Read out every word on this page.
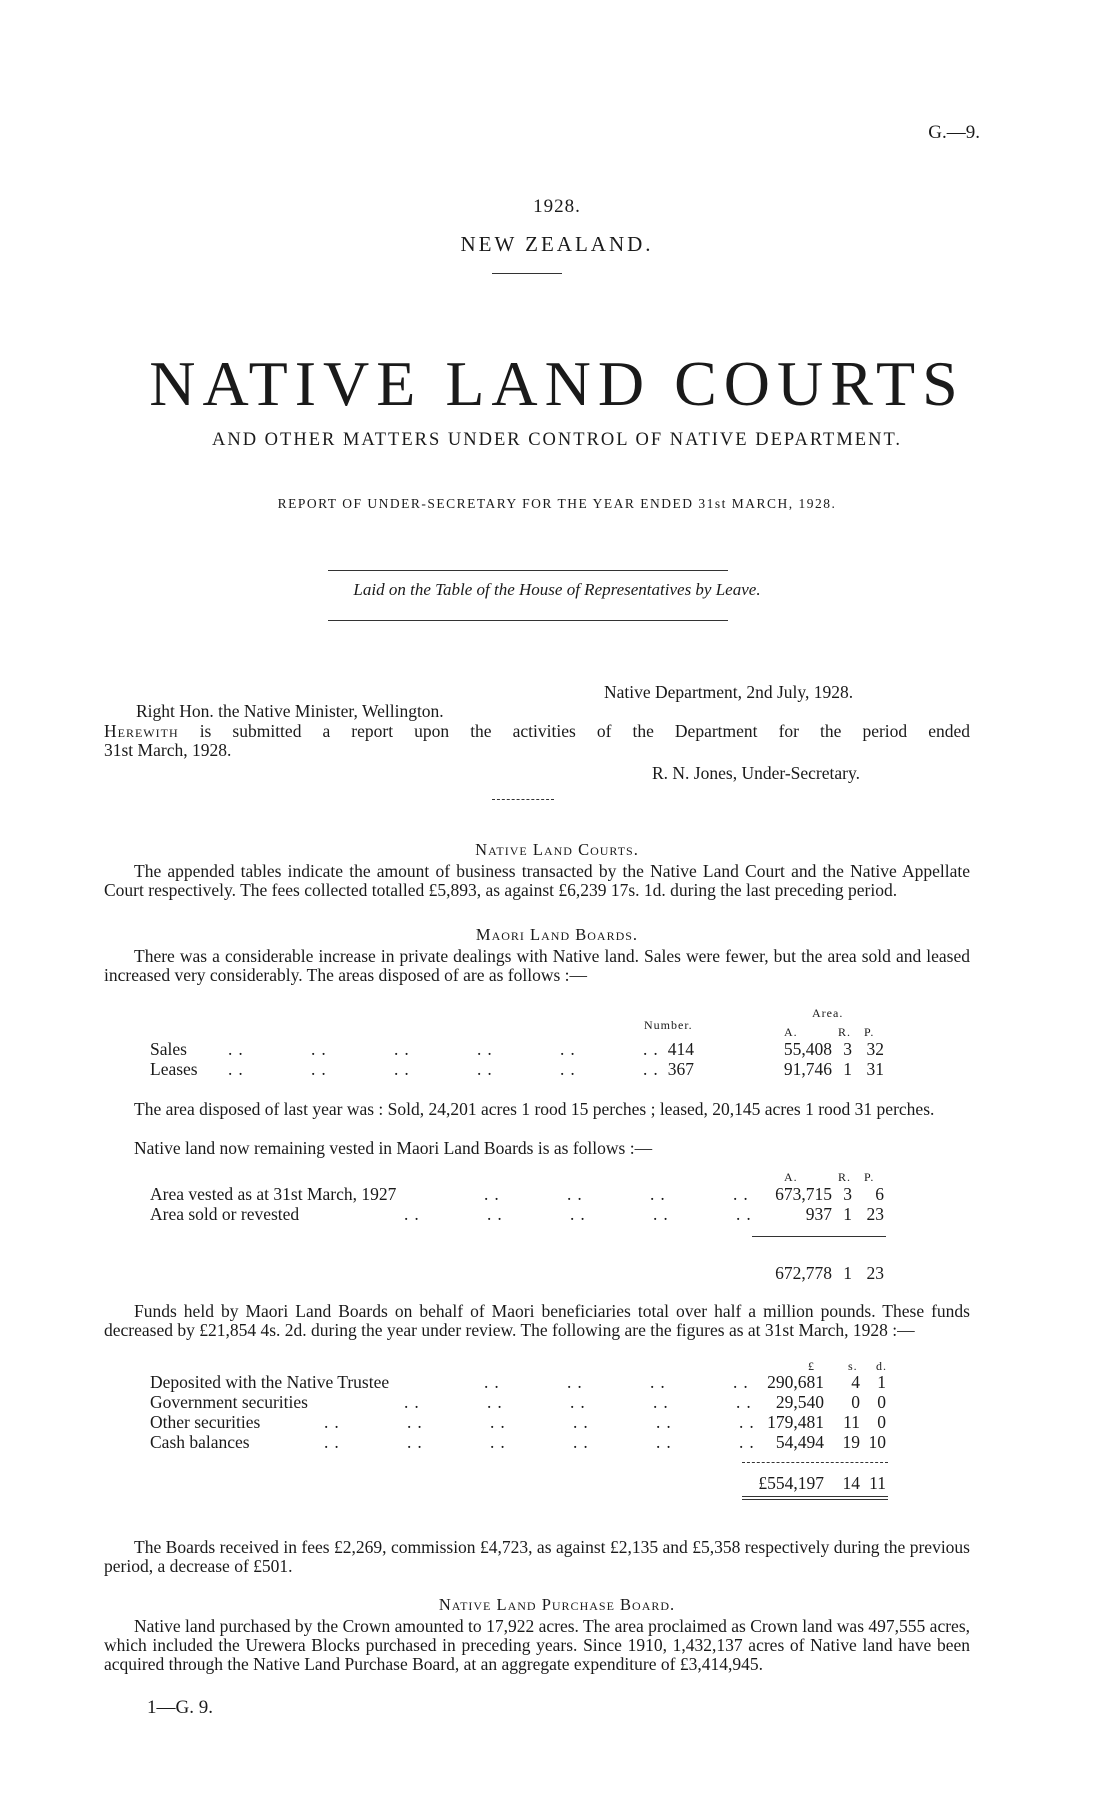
G.—9.
1928.
NEW ZEALAND.
NATIVE LAND COURTS
AND OTHER MATTERS UNDER CONTROL OF NATIVE DEPARTMENT.
REPORT OF UNDER-SECRETARY FOR THE YEAR ENDED 31st MARCH, 1928.
Laid on the Table of the House of Representatives by Leave.
Native Department, 2nd July, 1928.
Right Hon. the Native Minister, Wellington.
Herewith is submitted a report upon the activities of the Department for the period ended
31st March, 1928.
R. N. Jones, Under-Secretary.
Native Land Courts.
The appended tables indicate the amount of business transacted by the Native Land Court and the Native Appellate Court respectively. The fees collected totalled £5,893, as against £6,239 17s. 1d. during the last preceding period.
Maori Land Boards.
There was a considerable increase in private dealings with Native land. Sales were fewer, but the area sold and leased increased very considerably. The areas disposed of are as follows :—
Area.
Number.	A.	R. P.
Sales ..      ..      ..      ..      ..      .. 414	55,408 3 32
Leases ..      ..      ..      ..      ..      .. 367	91,746 1 31
The area disposed of last year was : Sold, 24,201 acres 1 rood 15 perches ; leased, 20,145 acres 1 rood 31 perches.
Native land now remaining vested in Maori Land Boards is as follows :—
A.	R. P.
Area vested as at 31st March, 1927	..      ..      ..      ..	673,715 3	6
Area sold or revested	..      ..      ..      ..      ..	937 1 23
672,778 1 23
Funds held by Maori Land Boards on behalf of Maori beneficiaries total over half a million pounds. These funds decreased by £21,854 4s. 2d. during the year under review. The following are the figures as at 31st March, 1928 :—
£	s. d.
Deposited with the Native Trustee	..      ..      ..      .. 290,681	4 1
Government securities	..      ..      ..      ..      ..	29,540	0 0
Other securities	..      ..      ..      ..      ..      .. 179,481	11 0
Cash balances	..      ..      ..      ..      ..      .. 54,494	19 10
£554,197	14 11
The Boards received in fees £2,269, commission £4,723, as against £2,135 and £5,358 respectively during the previous period, a decrease of £501.
Native Land Purchase Board.
Native land purchased by the Crown amounted to 17,922 acres. The area proclaimed as Crown land was 497,555 acres, which included the Urewera Blocks purchased in preceding years. Since 1910, 1,432,137 acres of Native land have been acquired through the Native Land Purchase Board, at an aggregate expenditure of £3,414,945.
1—G. 9.
